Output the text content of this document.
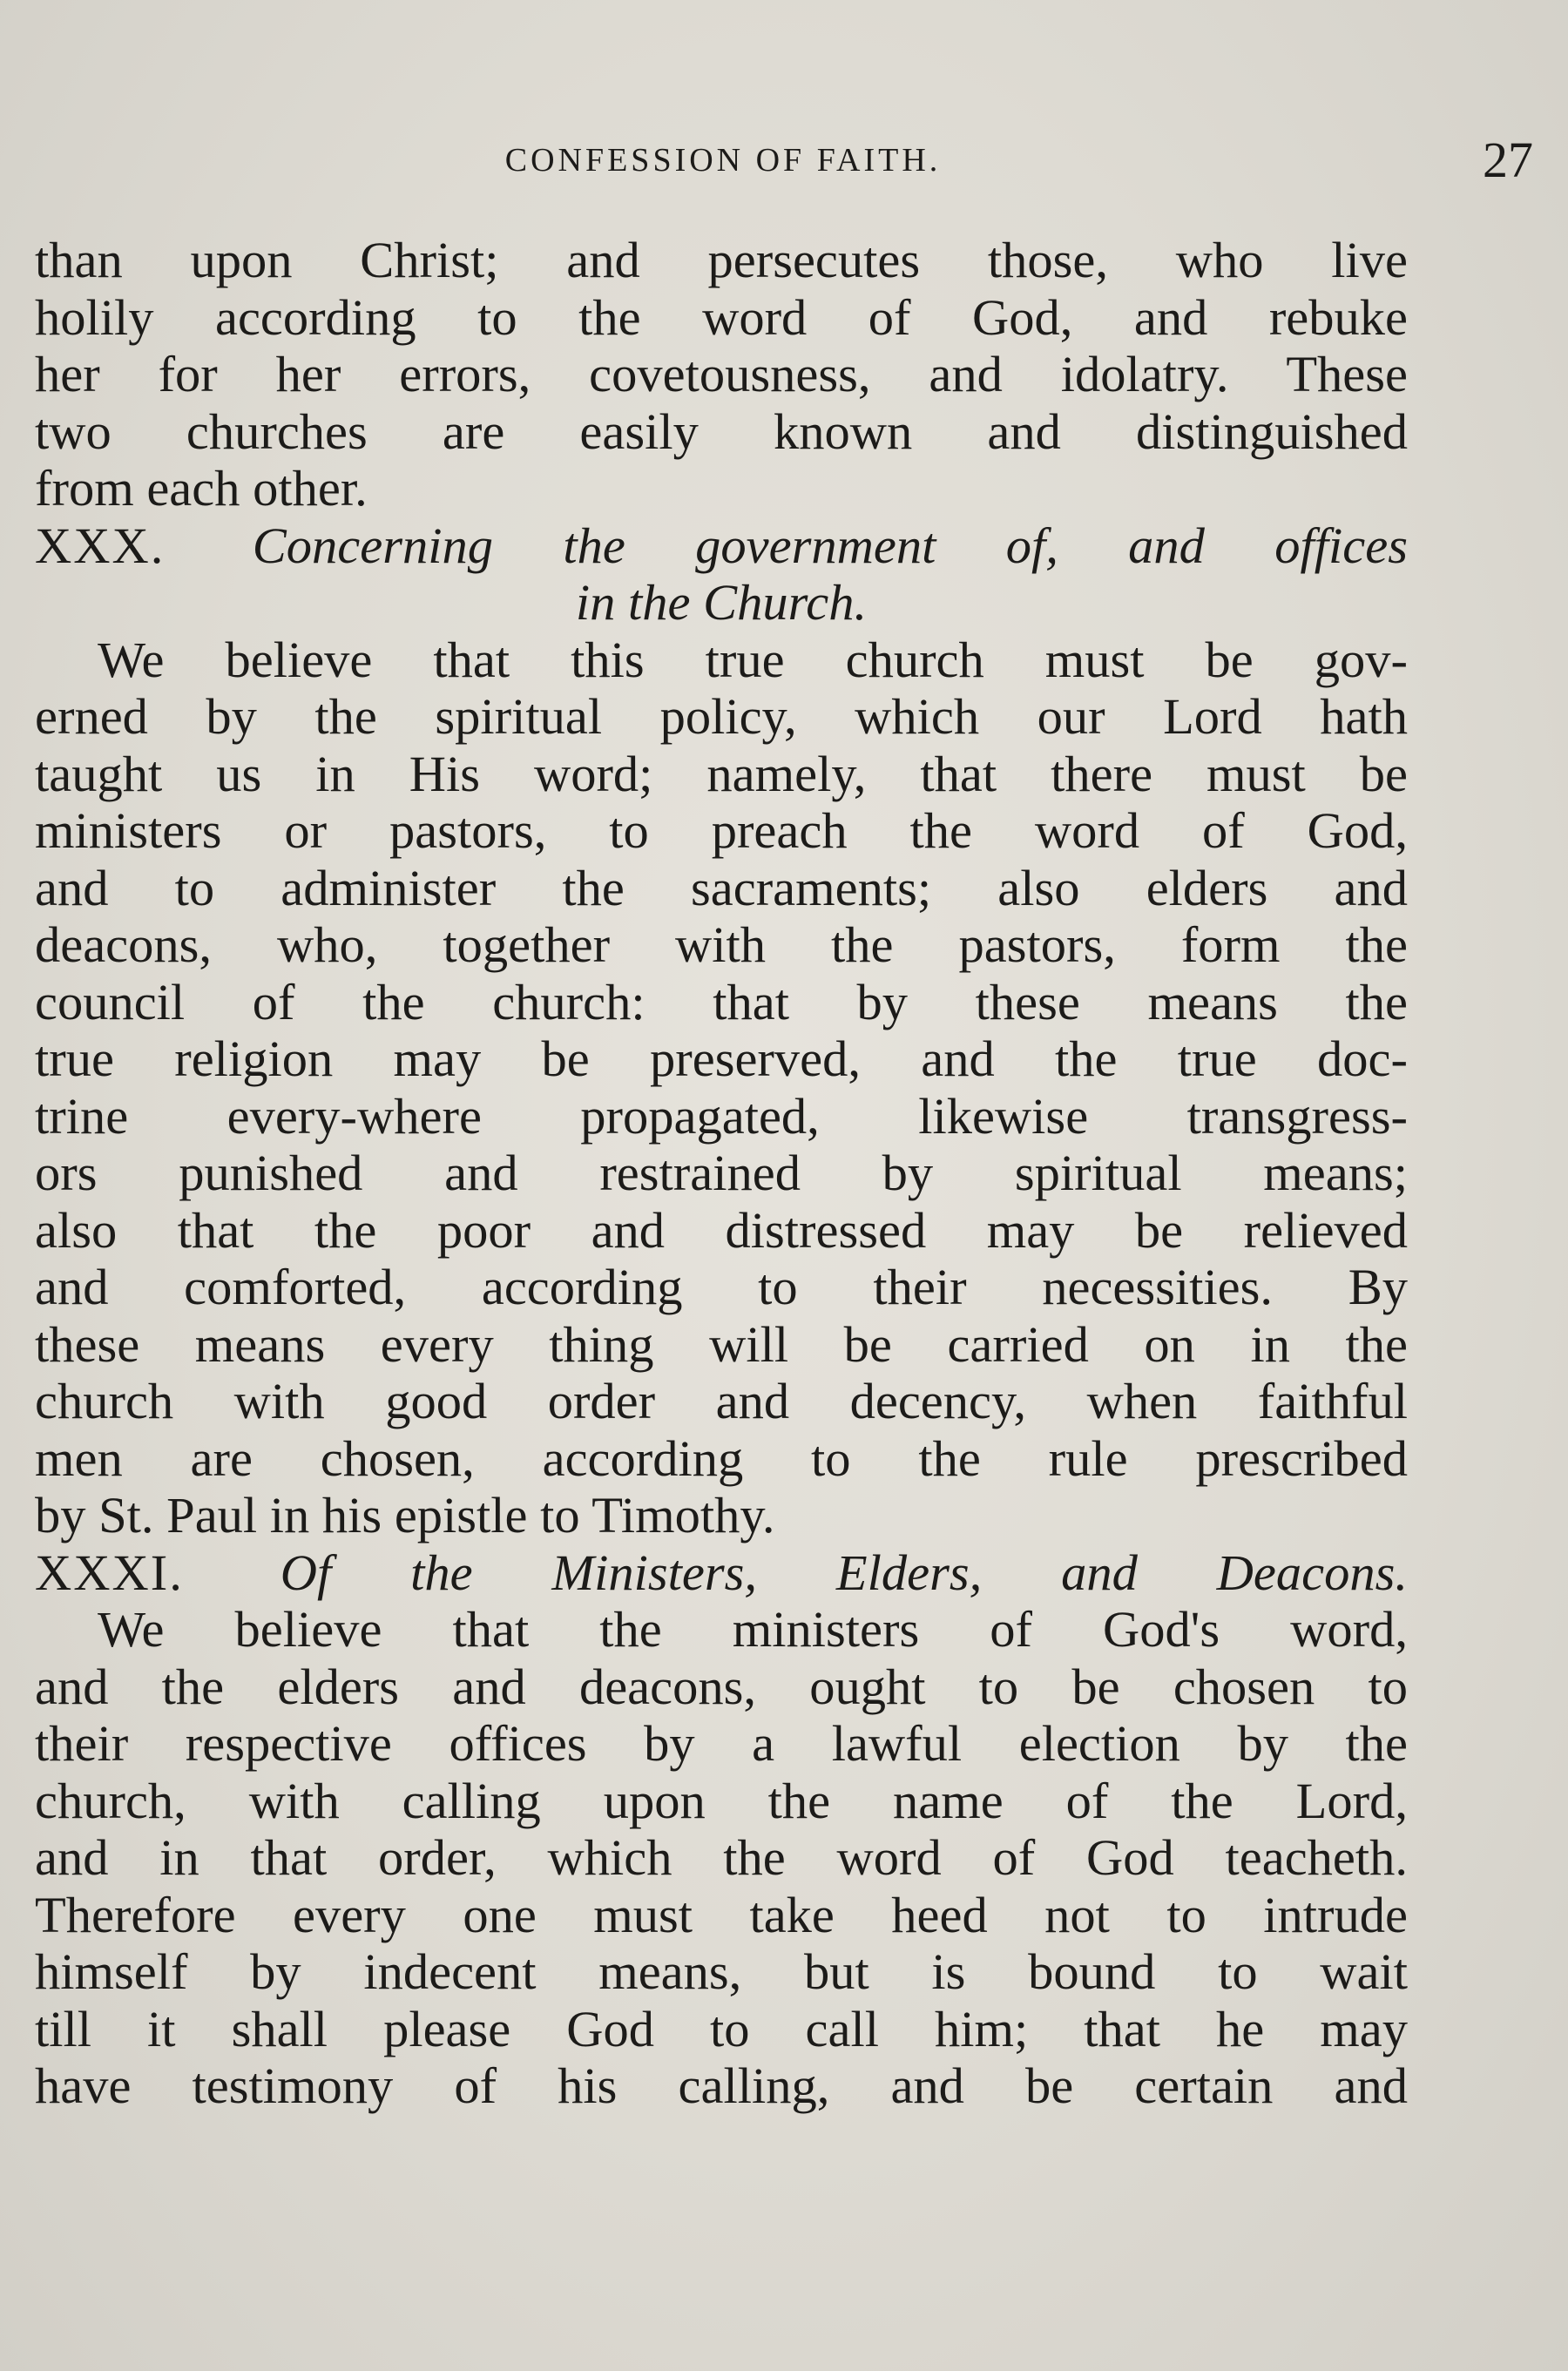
CONFESSION OF FAITH.	27
than upon Christ; and persecutes those, who live
holily according to the word of God, and rebuke
her for her errors, covetousness, and idolatry. These
two churches are easily known and distinguished
from each other.
XXX. Concerning the government of, and offices
in the Church.
We believe that this true church must be gov-
erned by the spiritual policy, which our Lord hath
taught us in His word; namely, that there must be
ministers or pastors, to preach the word of God,
and to administer the sacraments; also elders and
deacons, who, together with the pastors, form the
council of the church: that by these means the
true religion may be preserved, and the true doc-
trine every-where propagated, likewise transgress-
ors punished and restrained by spiritual means;
also that the poor and distressed may be relieved
and comforted, according to their necessities. By
these means every thing will be carried on in the
church with good order and decency, when faithful
men are chosen, according to the rule prescribed
by St. Paul in his epistle to Timothy.
XXXI. Of the Ministers, Elders, and Deacons.
We believe that the ministers of God's word,
and the elders and deacons, ought to be chosen to
their respective offices by a lawful election by the
church, with calling upon the name of the Lord,
and in that order, which the word of God teacheth.
Therefore every one must take heed not to intrude
himself by indecent means, but is bound to wait
till it shall please God to call him; that he may
have testimony of his calling, and be certain and
